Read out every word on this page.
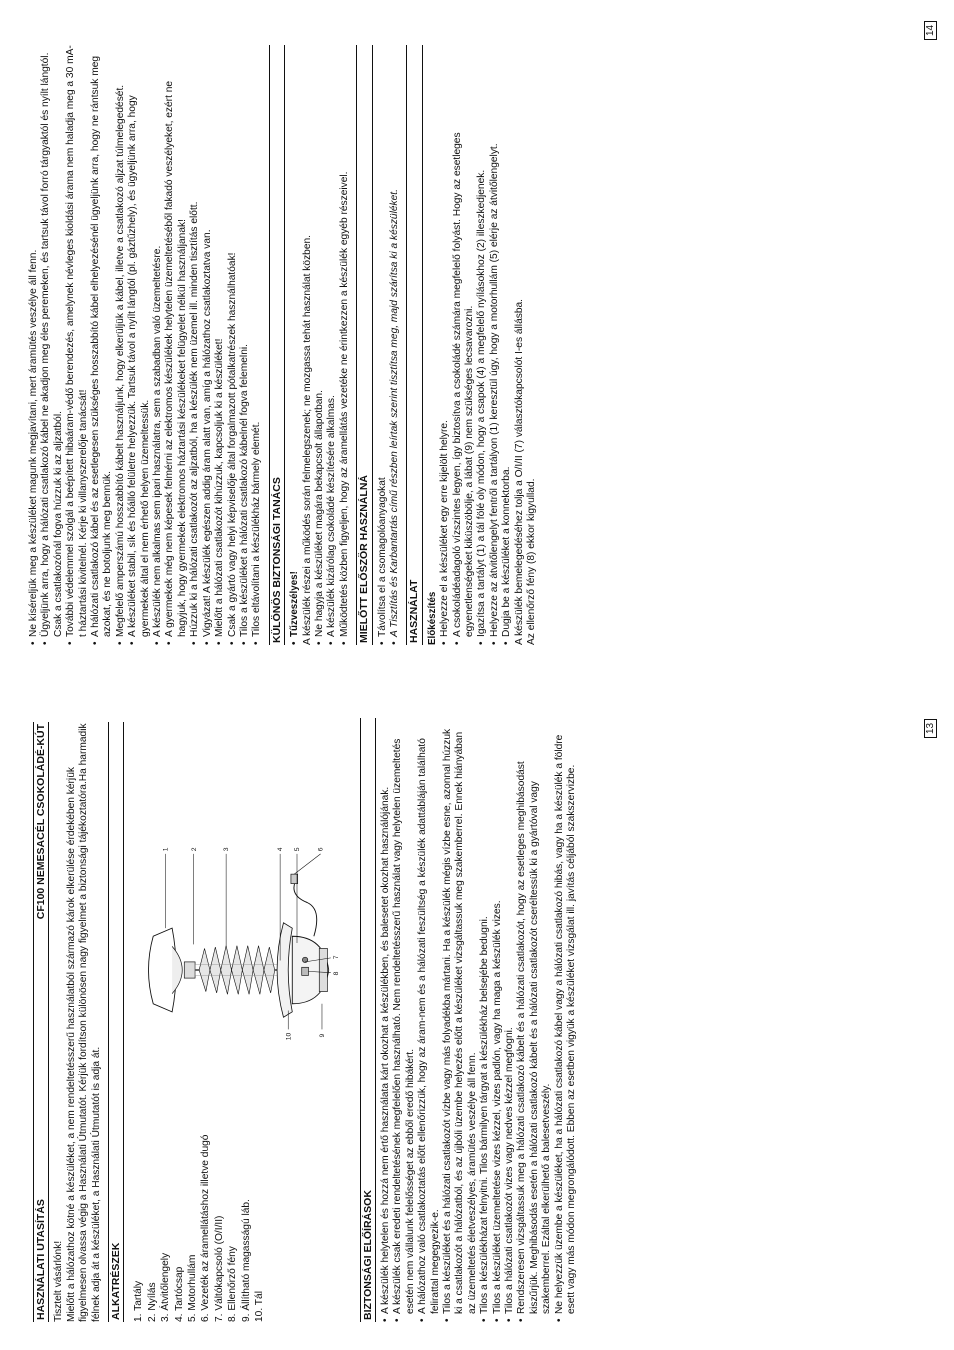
HASZNÁLATI UTASÍTÁS
CF100 NEMESACÉL CSOKOLÁDÉ-KÚT

Tisztelt vásárlónk! Mielőtt a hálózathoz kötné a készüléket, a nem rendeltetésszerű használatból származó károk elkerülése érdekében kérjük figyelmesen olvassa végig a Használati Útmutatót. Kérjük fordítson különösen nagy figyelmet a biztonsági tájékoztatóra.Ha harmadik félnek adja át a készüléket, a Használati Útmutatót is adja át. ALKATRÉSZEK 1. Tartály 2. Nyílás 3. Átvitőlengely 4. Tartócsap 5. Motorhullám 6. Vezeték az áramellátáshoz illetve dugó 7. Váltókapcsoló (O/I/II) 8. Ellenőrző fény 9. Állítható magasságú láb. 10. Tál	BIZTONSÁGI ELŐÍRÁSOK • A készülék helytelen és hozzá nem értő használata kárt okozhat a készülékben, és balesetet okozhat használójának. • A készülék csak eredeti rendeltetésének megfelelően használható. Nem rendeltetésszerű használat vagy helytelen üzemeltetés esetén nem vállalunk felelősséget az ebből eredő hibákért. • A hálózathoz való csatlakoztatás előtt ellenőrizzük, hogy az áram-nem és a hálózati feszültség a készülék adattábláján található felirattal megegyezik-e. • Tilos a készüléket és a hálózati csatlakozót vízbe vagy más folyadékba mártani. Ha a készülék mégis vízbe esne, azonnal húzzuk ki a csatlakozót a hálózatból, és az újbóli üzembe helyezés előtt a készüléket vizsgáltassuk meg szakemberrel. Ennek hiányában az üzemeltetés életveszélyes, áramütés veszélye áll fenn. • Tilos a készülékházat felnyitni. Tilos bármilyen tárgyat a készülékház belsejébe bedugni. • Tilos a készüléket üzemeltetése vizes kézzel, vizes padlón, vagy ha maga a készülék vizes. • Tilos a hálózati csatlakozót vizes vagy nedves kézzel megfogni. • Rendszeresen vizsgáltassuk meg a hálózati csatlakozó kábelt és a hálózati csatlakozót, hogy az esetleges meghibásodást kiszűrjük. Meghibásodás esetén a hálózati csatlakozó kábelt és a hálózati csatlakozót cseréltessük ki a gyártóval vagy szakemberrel. Ezáltal elkerülhető a balesetveszély. • Ne helyezzük üzembe a készüléket, ha a hálózati csatlakozó kábel vagy a hálózati csatlakozó hibás, vagy ha a készülék a földre esett vagy más módon megrongálódott. Ebben az esetben vigyük a készüléket vizsgálat ill. javítás céljából szakszervizbe.
1 2	3	4 5 6
7
8
9
10
13
• Ne kíséreljük meg a készüléket magunk megjavítani, mert áramütés veszélye áll fenn. • Ügyeljünk arra, hogy a hálózati csatlakozó kábel ne akadjon meg éles peremeken, és tartsuk távol forró tárgyaktól és nyílt lángtól. Csak a csatlakozónál fogva húzzuk ki az aljzatból. • További védelemmel szolgál a beépített hibaáram-védő berendezés, amelynek névleges kioldási árama nem haladja meg a 30 mA-t háztartási kivitelnél. Kérje ki villanyszerelője tanácsát! • A hálózati csatlakozó kábel és az esetlegesen szükséges hosszabbító kábel elhelyezésénél ügyeljünk arra, hogy ne rántsuk meg azokat, és ne botoljunk meg bennük. • Megfelelő amperszámú hosszabbító kábelt használjunk, hogy elkerüljük a kábel, illetve a csatlakozó aljzat túlmelegedését. • A készüléket stabil, sík és hőálló felületre helyezzük. Tartsuk távol a nyílt lángtól (pl. gáztűzhely), és ügyeljünk arra, hogy gyermekek által el nem érhető helyen üzemeltessük. • A készülék nem alkalmas sem ipari használatra, sem a szabadban való üzemeltetésre. • A gyermekek még nem képesek felmérni az elektromos készülékek helytelen üzemeltetéséből fakadó veszélyeket, ezért ne hagyjuk, hogy gyermekek elektromos háztartási készülékeket felügyelet nélkül használjanak! • Húzzuk ki a hálózati csatlakozót az aljzatból, ha a készülék nem üzemel ill. minden tisztítás előtt. • Vigyázat! A készülék egészen addig áram alatt van, amíg a hálózathoz csatlakoztatva van. • Mielőtt a hálózati csatlakozót kihúzzuk, kapcsoljuk ki a készüléket! • Csak a gyártó vagy helyi képviselője által forgalmazott pótalkatrészek használhatóak! • Tilos a készüléket a hálózati csatlakozó kábelnél fogva felemelni. • Tilos eltávolítani a készülékház bármely elemét. KÜLÖNÖS BIZTONSÁGI TANÁCS • Tűzveszélyes! A készülék részei a működés során felmelegszenek; ne mozgassa tehát használat közben. • Ne hagyja a készüléket magára bekapcsolt állapotban. • A készülék kizárólag csokoládé készítésére alkalmas. • Működtetés közben figyeljen, hogy az áramellátás vezetéke ne érintkezzen a készülék egyéb részeivel. MIELŐTT ELŐSZÖR HASZNÁLNÁ • Távolítsa el a csomagolóanyagokat • A Tisztítás és Karbantartás című részben leírtak szerint tisztítsa meg, majd szárítsa ki a készüléket. HASZNÁLAT Előkészítés • Helyezze el a készüléket egy erre kijelölt helyre. • A csokoládéadagoló vízszintes legyen, így biztosítva a csokoládé számára megfelelő folyást. Hogy az esetleges egyenetlenségeket kiküszöbölje, a lábat (9) nem szükséges lecsavarozni. • Igazítsa a tartályt (1) a tál fölé oly módon, hogy a csapok (4) a megfelelő nyílásokhoz (2) illeszkedjenek. • Helyezze az átvitőlengelyt fentről a tartályon (1) keresztül úgy, hogy a motorhullám (5) elérje az átvitőlengelyt. • Dugja be a készüléket a konnektorba. A készülék bemelegedéséhez tolja a O/I/II (7) választókapcsolót I-es állásba. Az ellenőrző fény (8) ekkor kigyullad.

14
